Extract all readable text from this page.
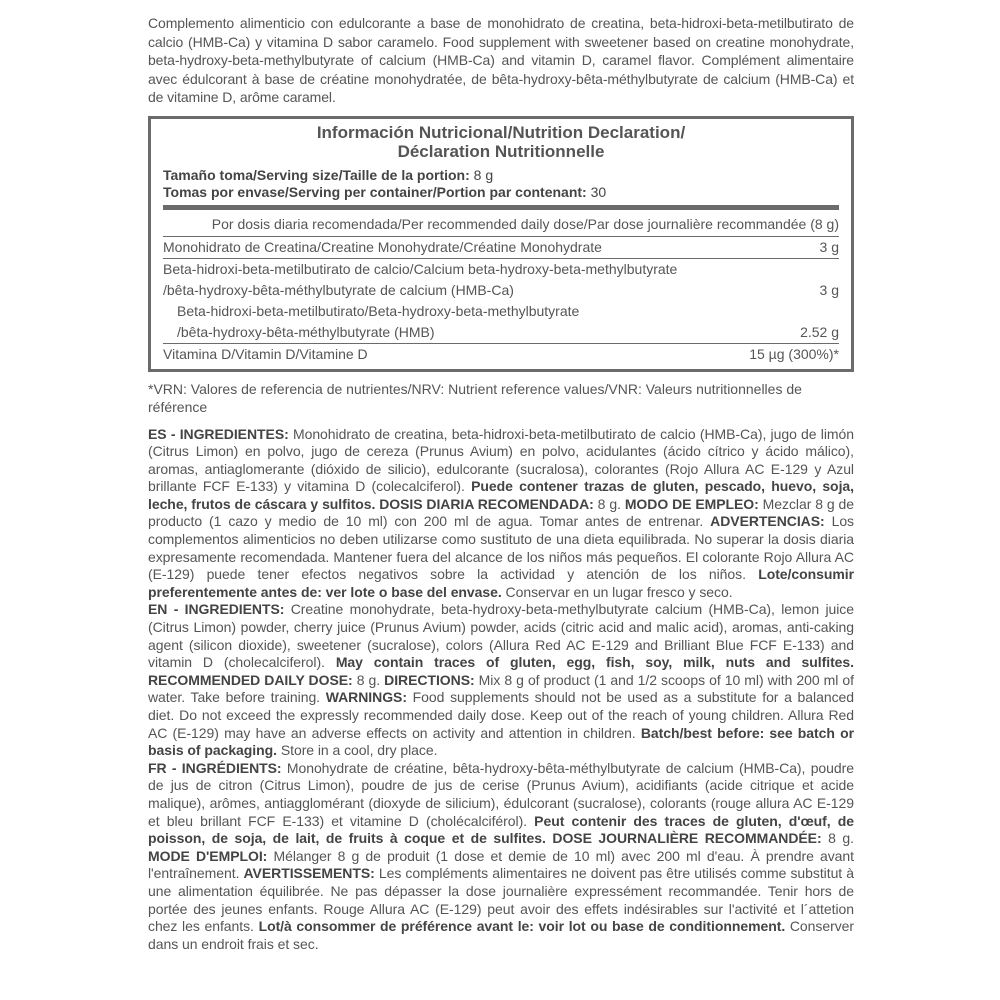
Complemento alimenticio con edulcorante a base de monohidrato de creatina, beta-hidroxi-beta-metilbutirato de calcio (HMB-Ca) y vitamina D sabor caramelo. Food supplement with sweetener based on creatine monohydrate, beta-hydroxy-beta-methylbutyrate of calcium (HMB-Ca) and vitamin D, caramel flavor. Complément alimentaire avec édulcorant à base de créatine monohydratée, de bêta-hydroxy-bêta-méthylbutyrate de calcium (HMB-Ca) et de vitamine D, arôme caramel.

Información Nutricional/Nutrition Declaration/
Déclaration Nutritionnelle

Tamaño toma/Serving size/Taille de la portion: 8 g
Tomas por envase/Serving per container/Portion par contenant: 30
Por dosis diaria recomendada/Per recommended daily dose/Par dose journalière recommandée (8 g)
Monohidrato de Creatina/Creatine Monohydrate/Créatine Monohydrate	3 g
Beta-hidroxi-beta-metilbutirato de calcio/Calcium beta-hydroxy-beta-methylbutyrate
/bêta-hydroxy-bêta-méthylbutyrate de calcium (HMB-Ca)	3 g
Beta-hidroxi-beta-metilbutirato/Beta-hydroxy-beta-methylbutyrate
/bêta-hydroxy-bêta-méthylbutyrate (HMB)	2.52 g
Vitamina D/Vitamin D/Vitamine D	15 µg (300%)*

*VRN: Valores de referencia de nutrientes/NRV: Nutrient reference values/VNR: Valeurs nutritionnelles de référence

ES - INGREDIENTES: Monohidrato de creatina, beta-hidroxi-beta-metilbutirato de calcio (HMB-Ca), jugo de limón (Citrus Limon) en polvo, jugo de cereza (Prunus Avium) en polvo, acidulantes (ácido cítrico y ácido málico), aromas, antiaglomerante (dióxido de silicio), edulcorante (sucralosa), colorantes (Rojo Allura AC E-129 y Azul brillante FCF E-133) y vitamina D (colecalciferol). Puede contener trazas de gluten, pescado, huevo, soja, leche, frutos de cáscara y sulfitos. DOSIS DIARIA RECOMENDADA: 8 g. MODO DE EMPLEO: Mezclar 8 g de producto (1 cazo y medio de 10 ml) con 200 ml de agua. Tomar antes de entrenar. ADVERTENCIAS: Los complementos alimenticios no deben utilizarse como sustituto de una dieta equilibrada. No superar la dosis diaria expresamente recomendada. Mantener fuera del alcance de los niños más pequeños. El colorante Rojo Allura AC (E-129) puede tener efectos negativos sobre la actividad y atención de los niños. Lote/consumir preferentemente antes de: ver lote o base del envase. Conservar en un lugar fresco y seco.
EN - INGREDIENTS: Creatine monohydrate, beta-hydroxy-beta-methylbutyrate calcium (HMB-Ca), lemon juice (Citrus Limon) powder, cherry juice (Prunus Avium) powder, acids (citric acid and malic acid), aromas, anti-caking agent (silicon dioxide), sweetener (sucralose), colors (Allura Red AC E-129 and Brilliant Blue FCF E-133) and vitamin D (cholecalciferol). May contain traces of gluten, egg, fish, soy, milk, nuts and sulfites. RECOMMENDED DAILY DOSE: 8 g. DIRECTIONS: Mix 8 g of product (1 and 1/2 scoops of 10 ml) with 200 ml of water. Take before training. WARNINGS: Food supplements should not be used as a substitute for a balanced diet. Do not exceed the expressly recommended daily dose. Keep out of the reach of young children. Allura Red AC (E-129) may have an adverse effects on activity and attention in children. Batch/best before: see batch or basis of packaging. Store in a cool, dry place.
FR - INGRÉDIENTS: Monohydrate de créatine, bêta-hydroxy-bêta-méthylbutyrate de calcium (HMB-Ca), poudre de jus de citron (Citrus Limon), poudre de jus de cerise (Prunus Avium), acidifiants (acide citrique et acide malique), arômes, antiagglomérant (dioxyde de silicium), édulcorant (sucralose), colorants (rouge allura AC E-129 et bleu brillant FCF E-133) et vitamine D (cholécalciférol). Peut contenir des traces de gluten, d'œuf, de poisson, de soja, de lait, de fruits à coque et de sulfites. DOSE JOURNALIÈRE RECOMMANDÉE: 8 g. MODE D'EMPLOI: Mélanger 8 g de produit (1 dose et demie de 10 ml) avec 200 ml d'eau. À prendre avant l'entraînement. AVERTISSEMENTS: Les compléments alimentaires ne doivent pas être utilisés comme substitut à une alimentation équilibrée. Ne pas dépasser la dose journalière expressément recommandée. Tenir hors de portée des jeunes enfants. Rouge Allura AC (E-129) peut avoir des effets indésirables sur l'activité et l´attetion chez les enfants. Lot/à consommer de préférence avant le: voir lot ou base de conditionnement. Conserver dans un endroit frais et sec.
